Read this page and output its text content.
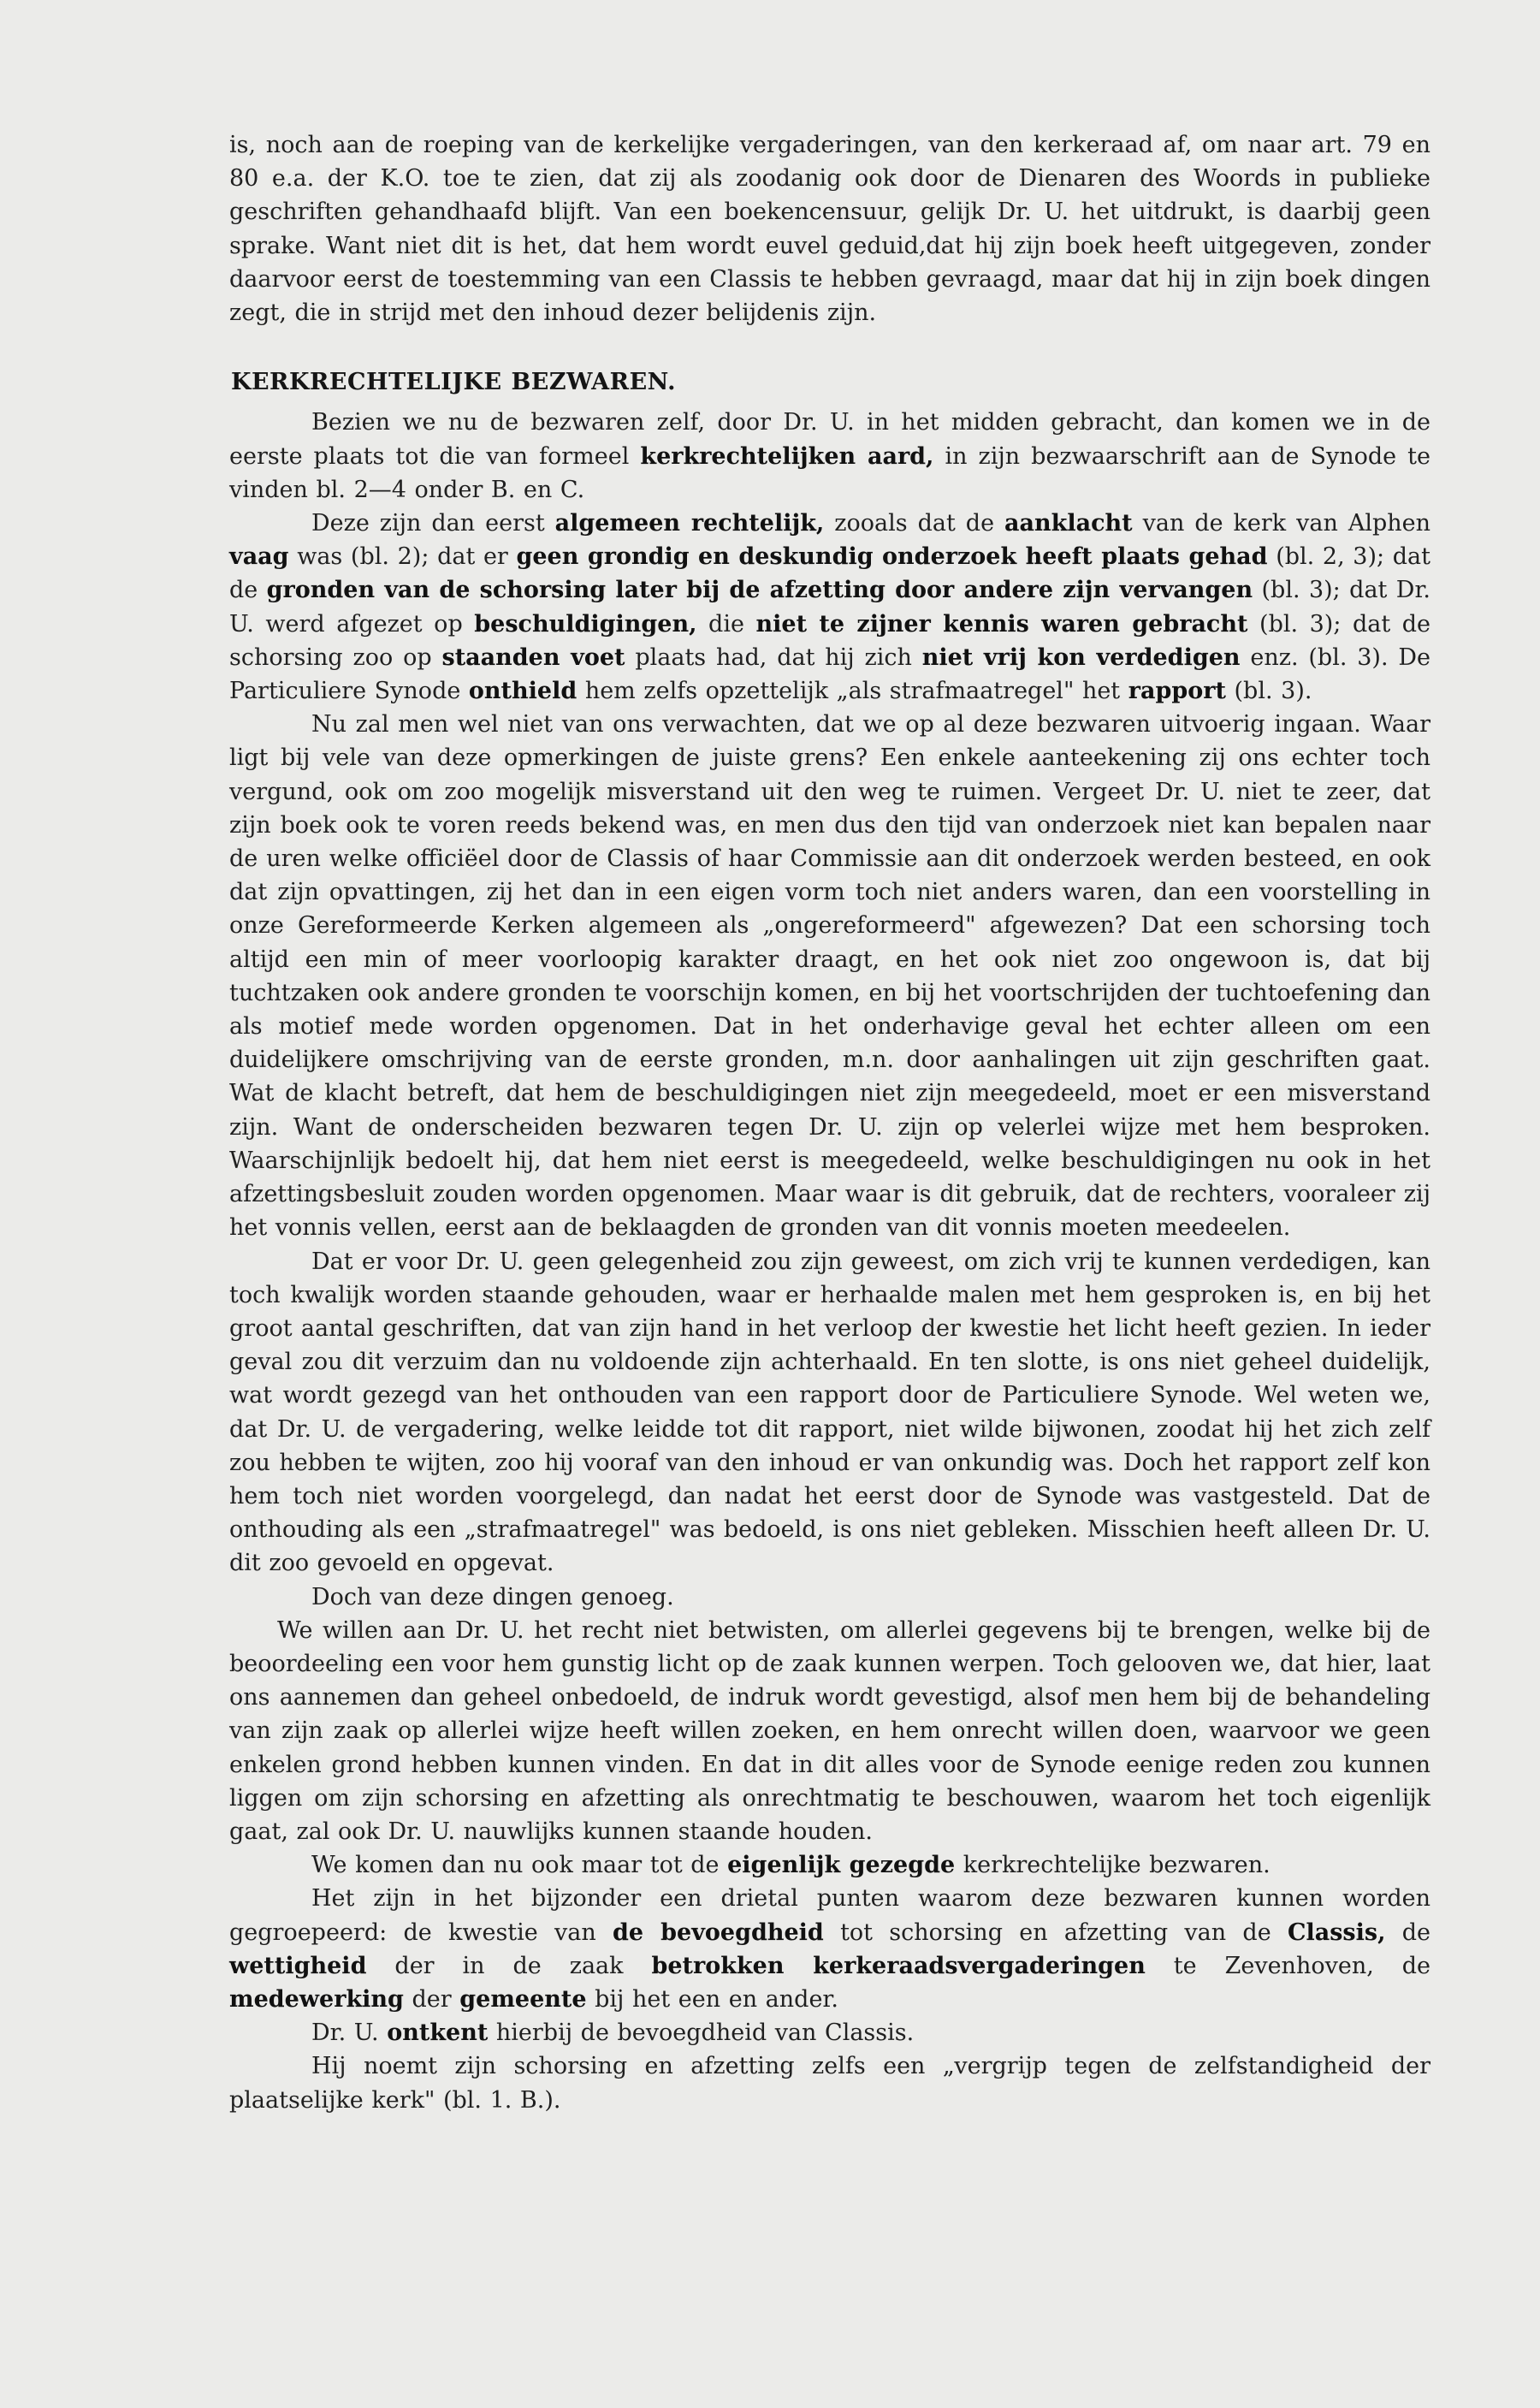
is, noch aan de roeping van de kerkelijke vergaderingen, van den kerkeraad af, om naar art. 79 en 80 e.a. der K.O. toe te zien, dat zij als zoodanig ook door de Dienaren des Woords in publieke geschriften gehandhaafd blijft. Van een boekencensuur, gelijk Dr. U. het uitdrukt, is daarbij geen sprake. Want niet dit is het, dat hem wordt euvel geduid,dat hij zijn boek heeft uitgegeven, zonder daarvoor eerst de toestemming van een Classis te hebben gevraagd, maar dat hij in zijn boek dingen zegt, die in strijd met den inhoud dezer belijdenis zijn.

KERKRECHTELIJKE BEZWAREN.

Bezien we nu de bezwaren zelf, door Dr. U. in het midden gebracht, dan komen we in de eerste plaats tot die van formeel kerkrechtelijken aard, in zijn bezwaarschrift aan de Synode te vinden bl. 2—4 onder B. en C.

Deze zijn dan eerst algemeen rechtelijk, zooals dat de aanklacht van de kerk van Alphen vaag was (bl. 2); dat er geen grondig en deskundig onderzoek heeft plaats gehad (bl. 2, 3); dat de gronden van de schorsing later bij de afzetting door andere zijn vervangen (bl. 3); dat Dr. U. werd afgezet op beschuldigingen, die niet te zijner kennis waren gebracht (bl. 3); dat de schorsing zoo op staanden voet plaats had, dat hij zich niet vrij kon verdedigen enz. (bl. 3). De Particuliere Synode onthield hem zelfs opzettelijk „als strafmaatregel" het rapport (bl. 3).

Nu zal men wel niet van ons verwachten, dat we op al deze bezwaren uitvoerig ingaan. Waar ligt bij vele van deze opmerkingen de juiste grens? Een enkele aanteekening zij ons echter toch vergund, ook om zoo mogelijk misverstand uit den weg te ruimen. Vergeet Dr. U. niet te zeer, dat zijn boek ook te voren reeds bekend was, en men dus den tijd van onderzoek niet kan bepalen naar de uren welke officiëel door de Classis of haar Commissie aan dit onderzoek werden besteed, en ook dat zijn opvattingen, zij het dan in een eigen vorm toch niet anders waren, dan een voorstelling in onze Gereformeerde Kerken algemeen als „ongereformeerd" afgewezen? Dat een schorsing toch altijd een min of meer voorloopig karakter draagt, en het ook niet zoo ongewoon is, dat bij tuchtzaken ook andere gronden te voorschijn komen, en bij het voortschrijden der tuchtoefening dan als motief mede worden opgenomen. Dat in het onderhavige geval het echter alleen om een duidelijkere omschrijving van de eerste gronden, m.n. door aanhalingen uit zijn geschriften gaat. Wat de klacht betreft, dat hem de beschuldigingen niet zijn meegedeeld, moet er een misverstand zijn. Want de onderscheiden bezwaren tegen Dr. U. zijn op velerlei wijze met hem besproken. Waarschijnlijk bedoelt hij, dat hem niet eerst is meegedeeld, welke beschuldigingen nu ook in het afzettingsbesluit zouden worden opgenomen. Maar waar is dit gebruik, dat de rechters, vooraleer zij het vonnis vellen, eerst aan de beklaagden de gronden van dit vonnis moeten meedeelen.

Dat er voor Dr. U. geen gelegenheid zou zijn geweest, om zich vrij te kunnen verdedigen, kan toch kwalijk worden staande gehouden, waar er herhaalde malen met hem gesproken is, en bij het groot aantal geschriften, dat van zijn hand in het verloop der kwestie het licht heeft gezien. In ieder geval zou dit verzuim dan nu voldoende zijn achterhaald. En ten slotte, is ons niet geheel duidelijk, wat wordt gezegd van het onthouden van een rapport door de Particuliere Synode. Wel weten we, dat Dr. U. de vergadering, welke leidde tot dit rapport, niet wilde bijwonen, zoodat hij het zich zelf zou hebben te wijten, zoo hij vooraf van den inhoud er van onkundig was. Doch het rapport zelf kon hem toch niet worden voorgelegd, dan nadat het eerst door de Synode was vastgesteld. Dat de onthouding als een „strafmaatregel" was bedoeld, is ons niet gebleken. Misschien heeft alleen Dr. U. dit zoo gevoeld en opgevat.

Doch van deze dingen genoeg.

We willen aan Dr. U. het recht niet betwisten, om allerlei gegevens bij te brengen, welke bij de beoordeeling een voor hem gunstig licht op de zaak kunnen werpen. Toch gelooven we, dat hier, laat ons aannemen dan geheel onbedoeld, de indruk wordt gevestigd, alsof men hem bij de behandeling van zijn zaak op allerlei wijze heeft willen zoeken, en hem onrecht willen doen, waarvoor we geen enkelen grond hebben kunnen vinden. En dat in dit alles voor de Synode eenige reden zou kunnen liggen om zijn schorsing en afzetting als onrechtmatig te beschouwen, waarom het toch eigenlijk gaat, zal ook Dr. U. nauwlijks kunnen staande houden.

We komen dan nu ook maar tot de eigenlijk gezegde kerkrechtelijke bezwaren.

Het zijn in het bijzonder een drietal punten waarom deze bezwaren kunnen worden gegroepeerd: de kwestie van de bevoegdheid tot schorsing en afzetting van de Classis, de wettigheid der in de zaak betrokken kerkeraadsvergaderingen te Zevenhoven, de medewerking der gemeente bij het een en ander.

Dr. U. ontkent hierbij de bevoegdheid van Classis.

Hij noemt zijn schorsing en afzetting zelfs een „vergrijp tegen de zelfstandigheid der plaatselijke kerk" (bl. 1. B.).
